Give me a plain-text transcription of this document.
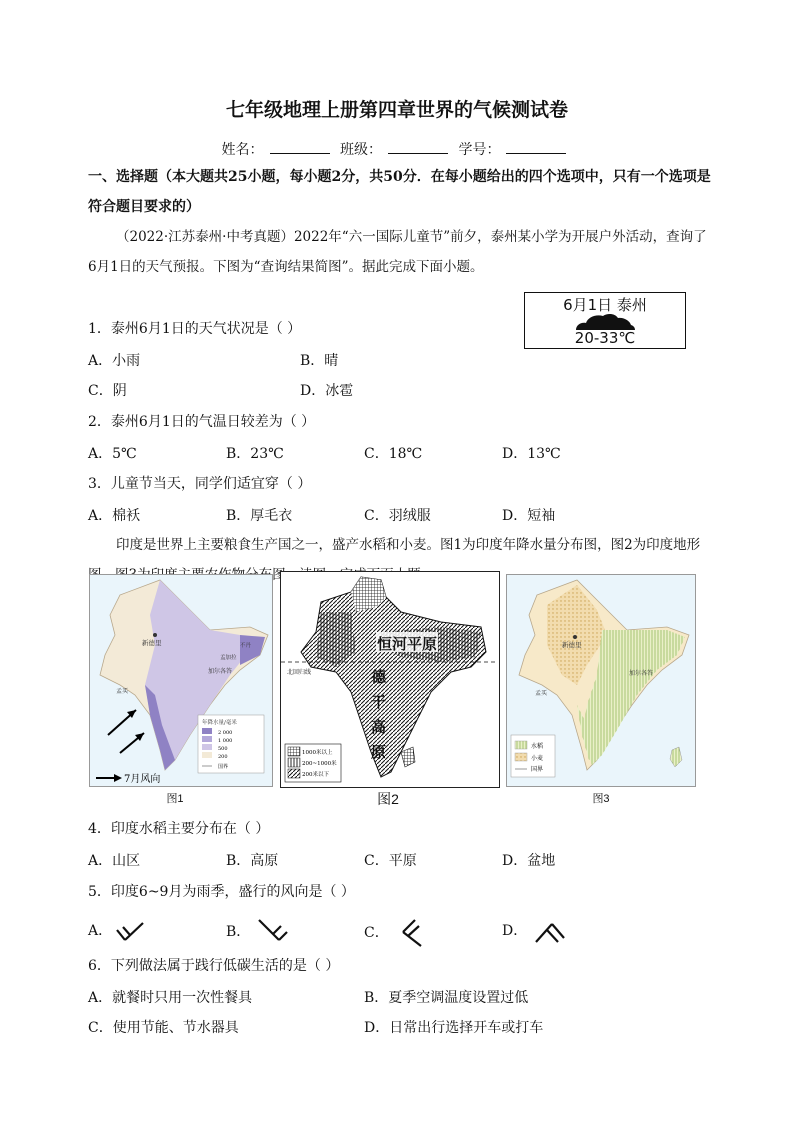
七年级地理上册第四章世界的气候测试卷
姓名：	班级：	学号：
一、选择题（本大题共25小题，每小题2分，共50分．在每小题给出的四个选项中，只有一个选项是符合题目要求的）
（2022·江苏泰州·中考真题）2022年“六一国际儿童节”前夕，泰州某小学为开展户外活动，查询了6月1日的天气预报。下图为“查询结果简图”。据此完成下面小题。
1．泰州6月1日的天气状况是（ ）
A．小雨	B．晴
C．阴	D．冰雹
6月1日 泰州
20-33℃
2．泰州6月1日的气温日较差为（ ）
A．5℃	B．23℃	C．18℃	D．13℃
3．儿童节当天，同学们适宜穿（ ）
A．棉袄	B．厚毛衣	C．羽绒服	D．短袖
印度是世界上主要粮食生产国之一，盛产水稻和小麦。图1为印度年降水量分布图，图2为印度地形 分布图。读
新德里	不丹
孟加拉
加尔各答
孟买
7月风向
年降水量/毫米
2 000
1 000
500
200
国界
图1
北回归线
恒河平原
德
干
高
原
1000米以上
200~1000米
200米以下
图2
新德里
加尔各答
孟买
水稻
小麦
国界
图3
4．印度水稻主要分布在（ ）
A．山区	B．高原	C．平原	D．盆地
5．印度6~9月为雨季，盛行的风向是（ ）
A．	B．	C．	D．
6．下列做法属于践行低碳生活的是（ ）
A．就餐时只用一次性餐具	B．夏季空调温度设置过低
C．使用节能、节水器具	D．日常出行选择开车或打车
